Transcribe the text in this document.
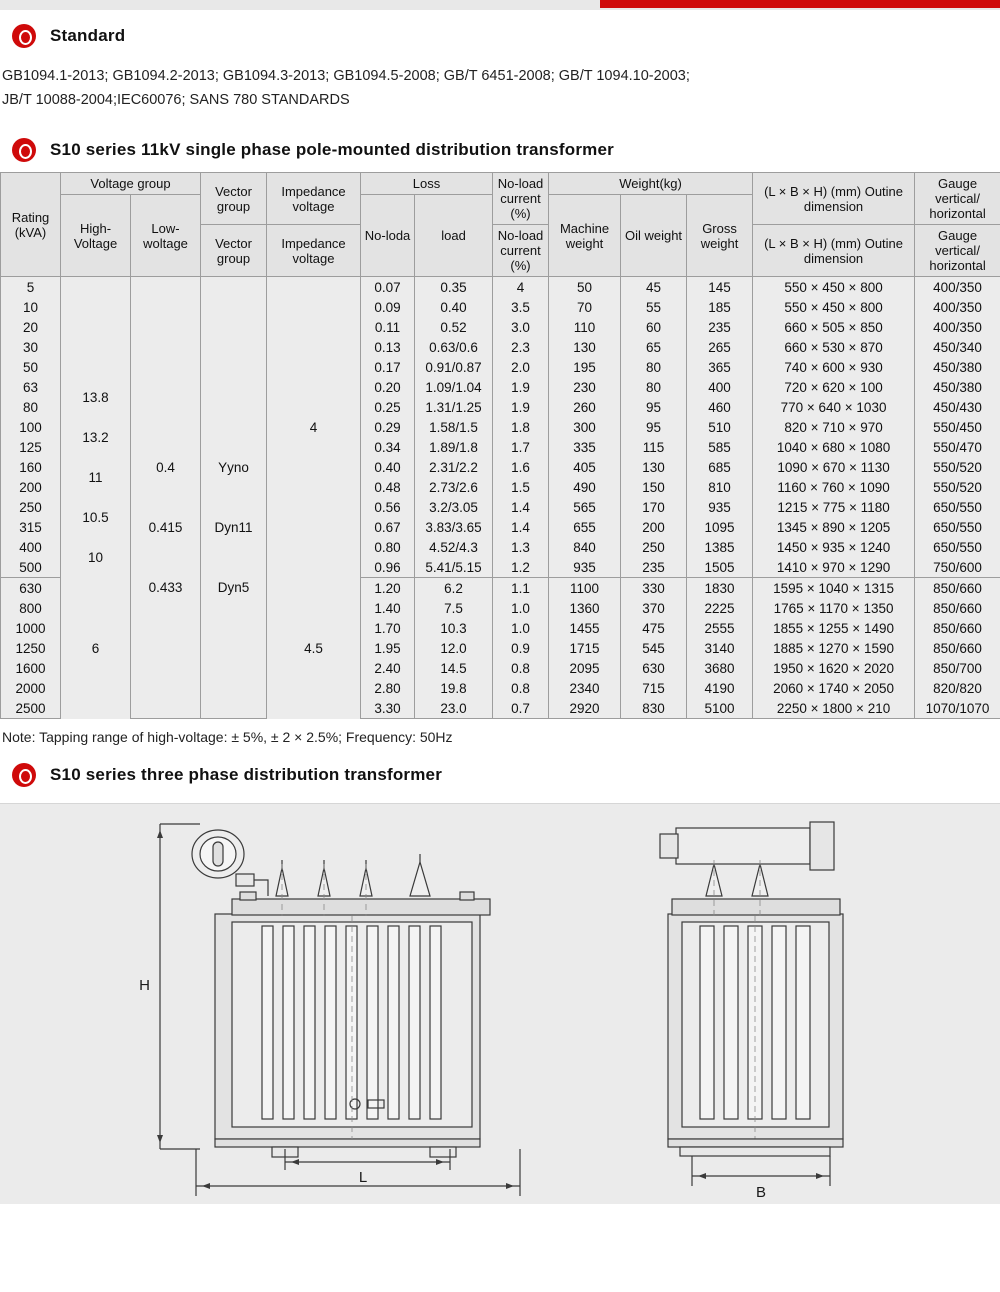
Standard
GB1094.1-2013; GB1094.2-2013; GB1094.3-2013; GB1094.5-2008; GB/T 6451-2008; GB/T 1094.10-2003;
JB/T 10088-2004;IEC60076; SANS 780 STANDARDS
S10 series 11kV single phase pole-mounted distribution transformer
Rating (kVA)	Voltage group		Vector group	Impedance voltage	Loss		No-load current (%)	Weight(kg)			(L × B × H) (mm) Outine dimension	Gauge vertical/ horizontal
	High-Voltage	Low-woltage			No-loda	load		Machine weight	Oil weight	Gross weight		
			Vector group	Impedance voltage			No-load current (%)				(L × B × H) (mm) Outine dimension	Gauge vertical/ horizontal
5				4	0.07	0.35	4	50	45	145	550 × 450 × 800	400/350
10					0.09	0.40	3.5	70	55	185	550 × 450 × 800	400/350
20					0.11	0.52	3.0	110	60	235	660 × 505 × 850	400/350
30					0.13	0.63/0.6	2.3	130	65	265	660 × 530 × 870	450/340
50					0.17	0.91/0.87	2.0	195	80	365	740 × 600 × 930	450/380
63	13.8				0.20	1.09/1.04	1.9	230	80	400	720 × 620 × 100	450/380
80					0.25	1.31/1.25	1.9	260	95	460	770 × 640 × 1030	450/430
100	13.2				0.29	1.58/1.5	1.8	300	95	510	820 × 710 × 970	550/450
125		0.4	Yyno		0.34	1.89/1.8	1.7	335	115	585	1040 × 680 × 1080	550/470
160	11				0.40	2.31/2.2	1.6	405	130	685	1090 × 670 × 1130	550/520
200					0.48	2.73/2.6	1.5	490	150	810	1160 × 760 × 1090	550/520
250	10.5	0.415	Dyn11		0.56	3.2/3.05	1.4	565	170	935	1215 × 775 × 1180	650/550
315					0.67	3.83/3.65	1.4	655	200	1095	1345 × 890 × 1205	650/550
400	10				0.80	4.52/4.3	1.3	840	250	1385	1450 × 935 × 1240	650/550
500		0.433	Dyn5		0.96	5.41/5.15	1.2	935	235	1505	1410 × 970 × 1290	750/600
630	6			4.5	1.20	6.2	1.1	1100	330	1830	1595 × 1040 × 1315	850/660
800					1.40	7.5	1.0	1360	370	2225	1765 × 1170 × 1350	850/660
1000					1.70	10.3	1.0	1455	475	2555	1855 × 1255 × 1490	850/660
1250					1.95	12.0	0.9	1715	545	3140	1885 × 1270 × 1590	850/660
1600					2.40	14.5	0.8	2095	630	3680	1950 × 1620 × 2020	850/700
2000					2.80	19.8	0.8	2340	715	4190	2060 × 1740 × 2050	820/820
2500					3.30	23.0	0.7	2920	830	5100	2250 × 1800 × 210	1070/1070
Note: Tapping range of high-voltage: ± 5%, ± 2 × 2.5%; Frequency: 50Hz
S10 series three phase distribution transformer
H
L
B
